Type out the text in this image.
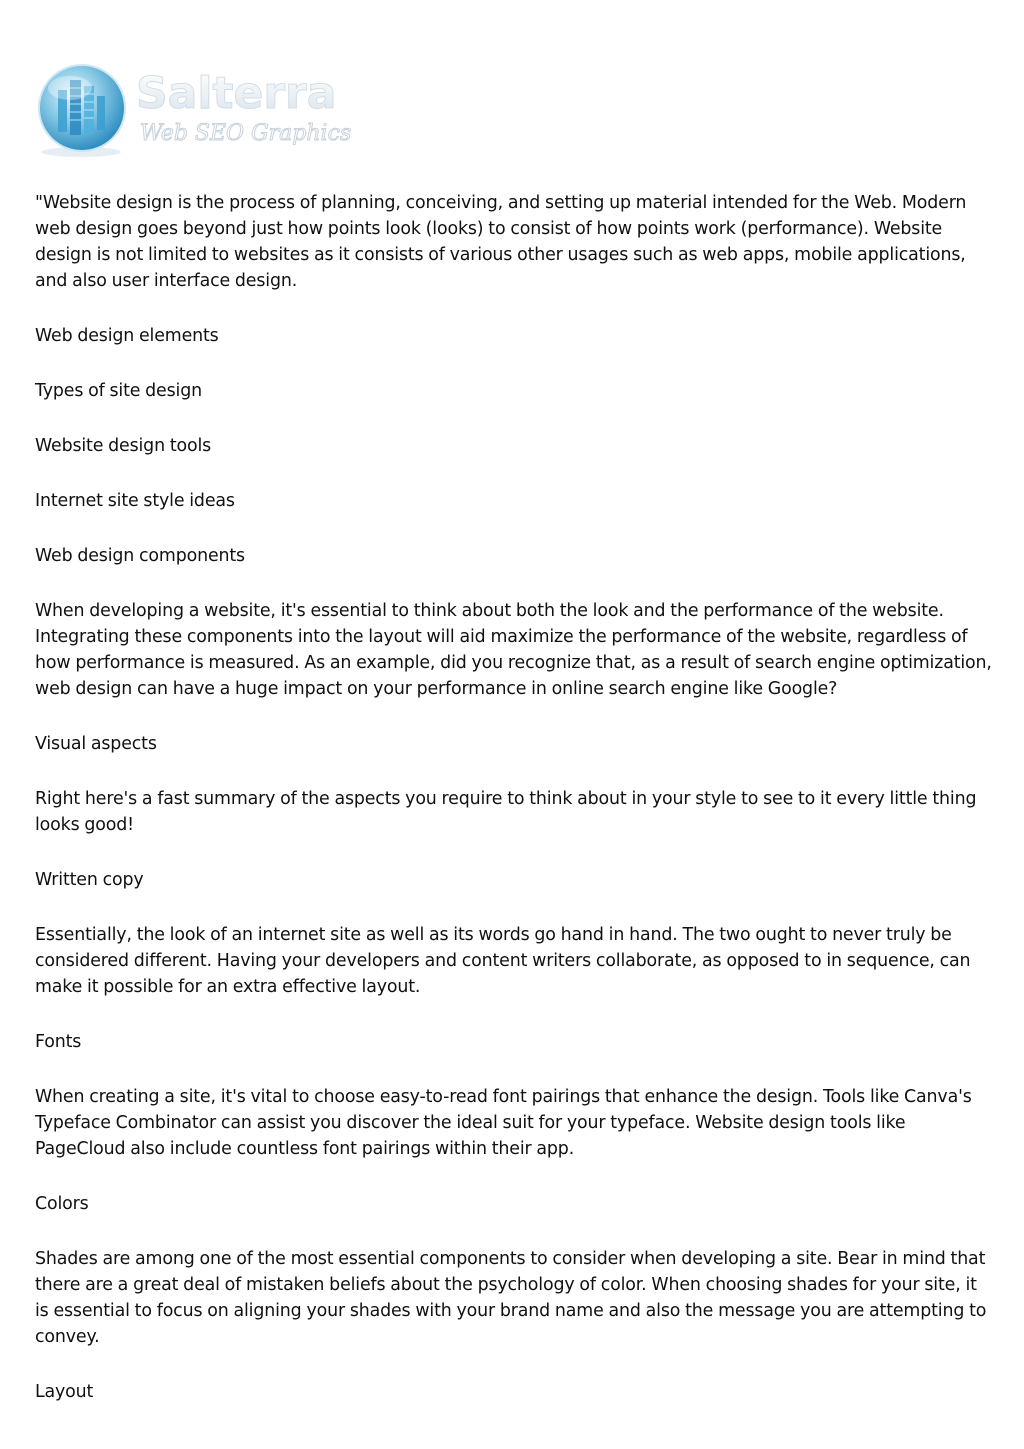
Salterra
Web SEO Graphics

"Website design is the process of planning, conceiving, and setting up material intended for the Web. Modern web design goes beyond just how points look (looks) to consist of how points work (performance). Website design is not limited to websites as it consists of various other usages such as web apps, mobile applications, and also user interface design.

Web design elements

Types of site design

Website design tools

Internet site style ideas

Web design components

When developing a website, it's essential to think about both the look and the performance of the website. Integrating these components into the layout will aid maximize the performance of the website, regardless of how performance is measured. As an example, did you recognize that, as a result of search engine optimization, web design can have a huge impact on your performance in online search engine like Google?

Visual aspects

Right here's a fast summary of the aspects you require to think about in your style to see to it every little thing looks good!

Written copy

Essentially, the look of an internet site as well as its words go hand in hand. The two ought to never truly be considered different. Having your developers and content writers collaborate, as opposed to in sequence, can make it possible for an extra effective layout.

Fonts

When creating a site, it's vital to choose easy-to-read font pairings that enhance the design. Tools like Canva's Typeface Combinator can assist you discover the ideal suit for your typeface. Website design tools like PageCloud also include countless font pairings within their app.

Colors

Shades are among one of the most essential components to consider when developing a site. Bear in mind that there are a great deal of mistaken beliefs about the psychology of color. When choosing shades for your site, it is essential to focus on aligning your shades with your brand name and also the message you are attempting to convey.

Layout
